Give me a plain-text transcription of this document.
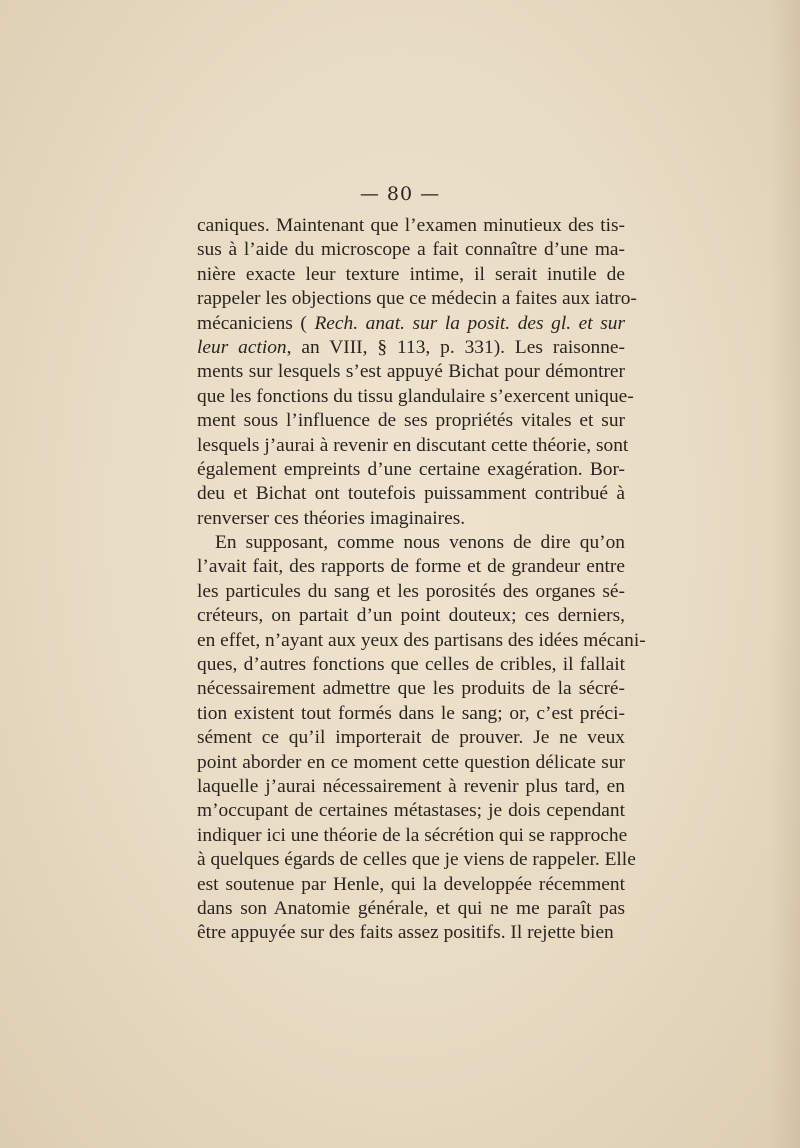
— 80 —
caniques. Maintenant que l’examen minutieux des tis-
sus à l’aide du microscope a fait connaître d’une ma-
nière exacte leur texture intime, il serait inutile de
rappeler les objections que ce médecin a faites aux iatro-
mécaniciens ( Rech. anat. sur la posit. des gl. et sur
leur action, an VIII, § 113, p. 331). Les raisonne-
ments sur lesquels s’est appuyé Bichat pour démontrer
que les fonctions du tissu glandulaire s’exercent unique-
ment sous l’influence de ses propriétés vitales et sur
lesquels j’aurai à revenir en discutant cette théorie, sont
également empreints d’une certaine exagération. Bor-
deu et Bichat ont toutefois puissamment contribué à
renverser ces théories imaginaires.
En supposant, comme nous venons de dire qu’on
l’avait fait, des rapports de forme et de grandeur entre
les particules du sang et les porosités des organes sé-
créteurs, on partait d’un point douteux; ces derniers,
en effet, n’ayant aux yeux des partisans des idées mécani-
ques, d’autres fonctions que celles de cribles, il fallait
nécessairement admettre que les produits de la sécré-
tion existent tout formés dans le sang; or, c’est préci-
sément ce qu’il importerait de prouver. Je ne veux
point aborder en ce moment cette question délicate sur
laquelle j’aurai nécessairement à revenir plus tard, en
m’occupant de certaines métastases; je dois cependant
indiquer ici une théorie de la sécrétion qui se rapproche
à quelques égards de celles que je viens de rappeler. Elle
est soutenue par Henle, qui la developpée récemment
dans son Anatomie générale, et qui ne me paraît pas
être appuyée sur des faits assez positifs. Il rejette bien
